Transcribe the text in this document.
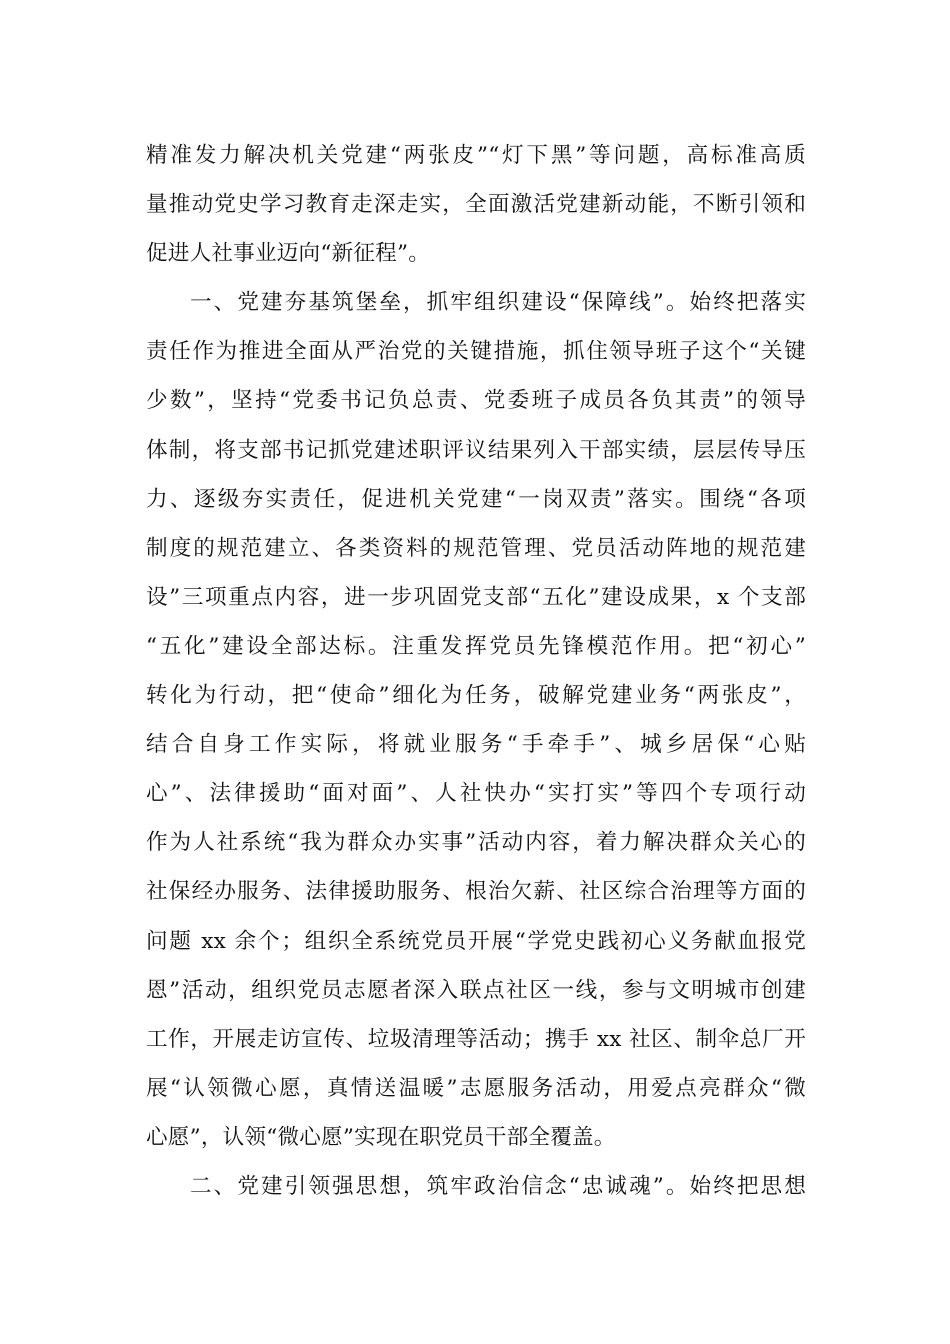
精准发力解决机关党建“两张皮”“灯下黑”等问题，高标准高质
量推动党史学习教育走深走实，全面激活党建新动能，不断引领和
促进人社事业迈向“新征程”。
一、党建夯基筑堡垒，抓牢组织建设“保障线”。始终把落实
责任作为推进全面从严治党的关键措施，抓住领导班子这个“关键
少数”，坚持“党委书记负总责、党委班子成员各负其责”的领导
体制，将支部书记抓党建述职评议结果列入干部实绩，层层传导压
力、逐级夯实责任，促进机关党建“一岗双责”落实。围绕“各项
制度的规范建立、各类资料的规范管理、党员活动阵地的规范建
设”三项重点内容，进一步巩固党支部“五化”建设成果，x 个支部
“五化”建设全部达标。注重发挥党员先锋模范作用。把“初心”
转化为行动，把“使命”细化为任务，破解党建业务“两张皮”，
结合自身工作实际，将就业服务“手牵手”、城乡居保“心贴
心”、法律援助“面对面”、人社快办“实打实”等四个专项行动
作为人社系统“我为群众办实事”活动内容，着力解决群众关心的
社保经办服务、法律援助服务、根治欠薪、社区综合治理等方面的
问题 xx 余个；组织全系统党员开展“学党史践初心义务献血报党
恩”活动，组织党员志愿者深入联点社区一线，参与文明城市创建
工作，开展走访宣传、垃圾清理等活动；携手 xx 社区、制伞总厂开
展“认领微心愿，真情送温暖”志愿服务活动，用爱点亮群众“微
心愿”，认领“微心愿”实现在职党员干部全覆盖。
二、党建引领强思想，筑牢政治信念“忠诚魂”。始终把思想
